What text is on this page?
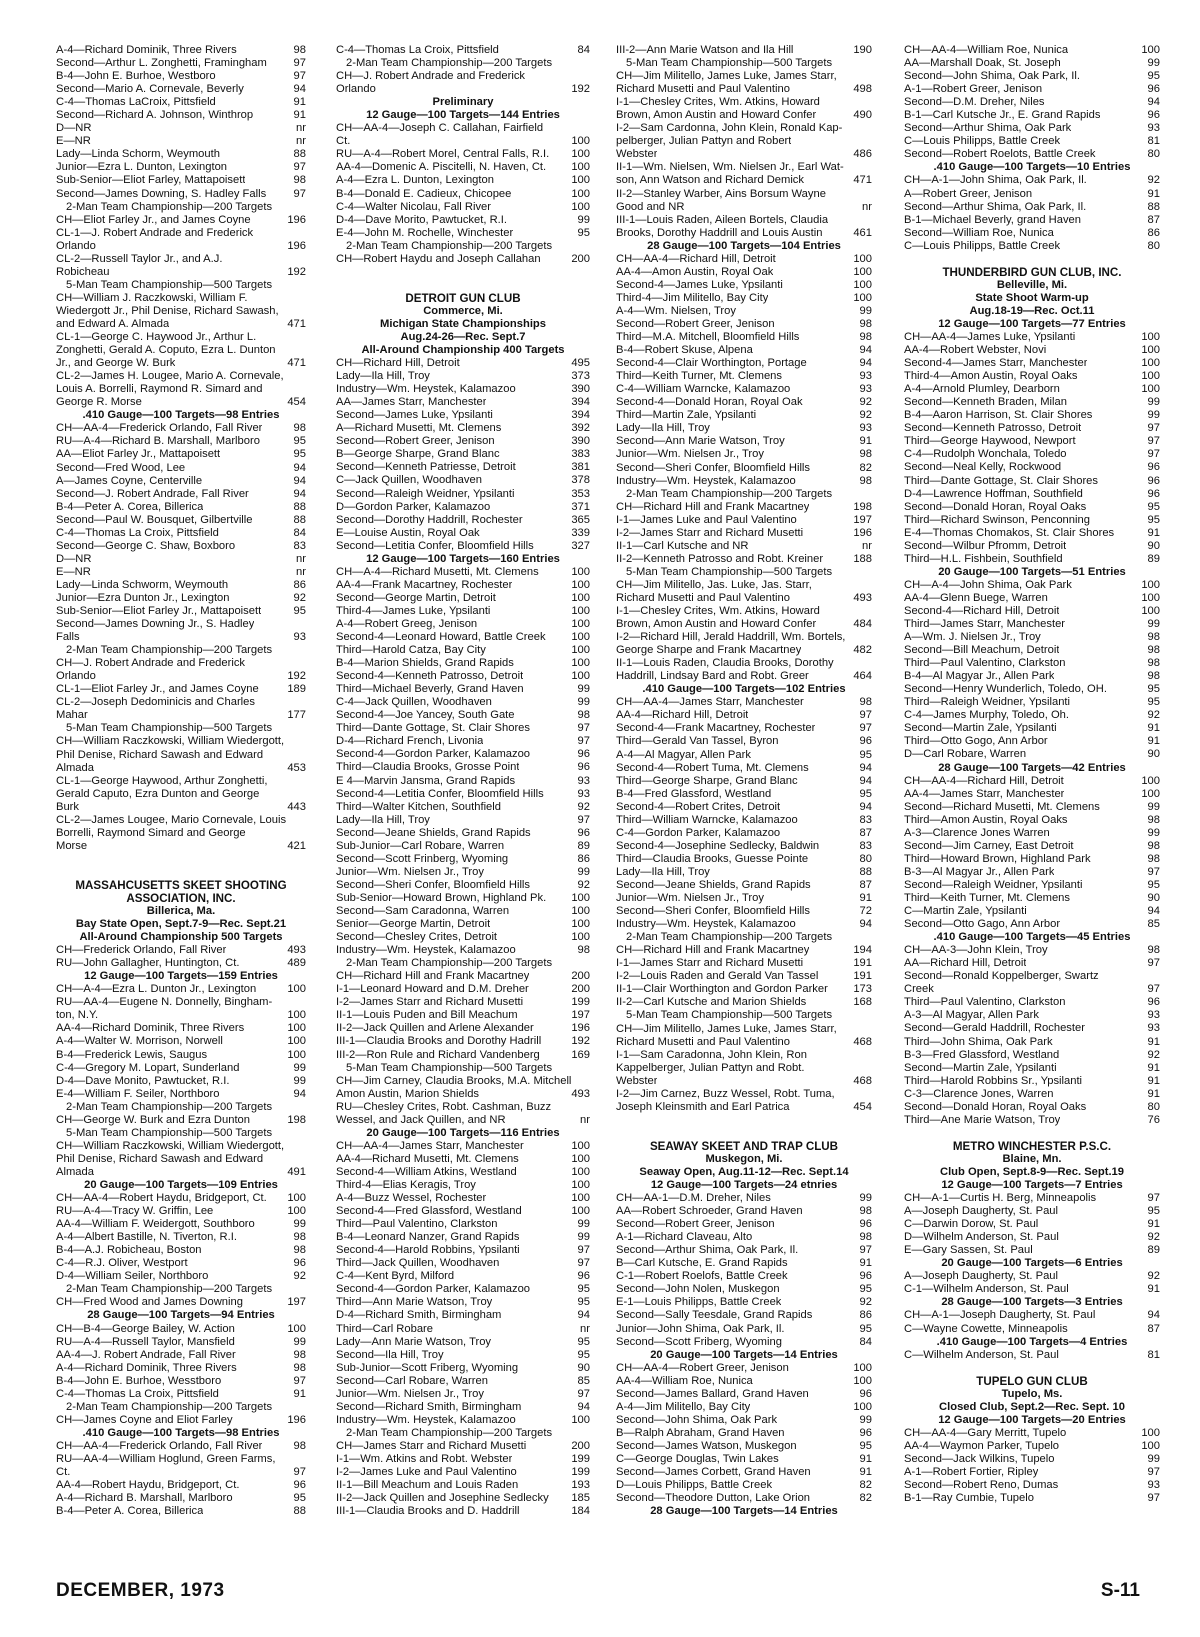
A-4—Richard Dominik, Three Rivers	98
Second—Arthur L. Zonghetti, Framingham	97
B-4—John E. Burhoe, Westboro	97
Second—Mario A. Cornevale, Beverly	94
C-4—Thomas LaCroix, Pittsfield	91
Second—Richard A. Johnson, Winthrop	91
D—NR	nr
E—NR	nr
Lady—Linda Schorm, Weymouth	88
Junior—Ezra L. Dunton, Lexington	97
Sub-Senior—Eliot Farley, Mattapoisett	98
Second—James Downing, S. Hadley Falls	97
2-Man Team Championship—200 Targets
CH—Eliot Farley Jr., and James Coyne	196
CL-1—J. Robert Andrade and Frederick
Orlando	196
CL-2—Russell Taylor Jr., and A.J.
Robicheau	192
5-Man Team Championship—500 Targets
CH—William J. Raczkowski, William F.
Wiedergott Jr., Phil Denise, Richard Sawash,
and Edward A. Almada	471
CL-1—George C. Haywood Jr., Arthur L.
Zonghetti, Gerald A. Coputo, Ezra L. Dunton
Jr., and George W. Burk	471
CL-2—James H. Lougee, Mario A. Cornevale,
Louis A. Borrelli, Raymond R. Simard and
George R. Morse	454
.410 Gauge—100 Targets—98 Entries
CH—AA-4—Frederick Orlando, Fall River	98
RU—A-4—Richard B. Marshall, Marlboro	95
AA—Eliot Farley Jr., Mattapoisett	95
Second—Fred Wood, Lee	94
A—James Coyne, Centerville	94
Second—J. Robert Andrade, Fall River	94
B-4—Peter A. Corea, Billerica	88
Second—Paul W. Bousquet, Gilbertville	88
C-4—Thomas La Croix, Pittsfield	84
Second—George C. Shaw, Boxboro	83
D—NR	nr
E—NR	nr
Lady—Linda Schworm, Weymouth	86
Junior—Ezra Dunton Jr., Lexington	92
Sub-Senior—Eliot Farley Jr., Mattapoisett	95
Second—James Downing Jr., S. Hadley
Falls	93
2-Man Team Championship—200 Targets
CH—J. Robert Andrade and Frederick
Orlando	192
CL-1—Eliot Farley Jr., and James Coyne	189
CL-2—Joseph Dedominicis and Charles
Mahar	177
5-Man Team Championship—500 Targets
CH—William Raczkowski, William Wiedergott,
Phil Denise, Richard Sawash and Edward
Almada	453
CL-1—George Haywood, Arthur Zonghetti,
Gerald Caputo, Ezra Dunton and George
Burk	443
CL-2—James Lougee, Mario Cornevale, Louis
Borrelli, Raymond Simard and George
Morse	421
MASSAHCUSETTS SKEET SHOOTING
ASSOCIATION, INC.
Billerica, Ma.
Bay State Open, Sept.7-9—Rec. Sept.21
All-Around Championship 500 Targets
CH—Frederick Orlando, Fall River	493
RU—John Gallagher, Huntington, Ct.	489
12 Gauge—100 Targets—159 Entries
CH—A-4—Ezra L. Dunton Jr., Lexington	100
RU—AA-4—Eugene N. Donnelly, Bingham-
ton, N.Y.	100
AA-4—Richard Dominik, Three Rivers	100
A-4—Walter W. Morrison, Norwell	100
B-4—Frederick Lewis, Saugus	100
C-4—Gregory M. Lopart, Sunderland	99
D-4—Dave Monito, Pawtucket, R.I.	99
E-4—William F. Seiler, Northboro	94
2-Man Team Championship—200 Targets
CH—George W. Burk and Ezra Dunton	198
5-Man Team Championship—500 Targets
CH—William Raczkowski, William Wiedergott,
Phil Denise, Richard Sawash and Edward
Almada	491
20 Gauge—100 Targets—109 Entries
CH—AA-4—Robert Haydu, Bridgeport, Ct.	100
RU—A-4—Tracy W. Griffin, Lee	100
AA-4—William F. Weidergott, Southboro	99
A-4—Albert Bastille, N. Tiverton, R.I.	98
B-4—A.J. Robicheau, Boston	98
C-4—R.J. Oliver, Westport	96
D-4—William Seiler, Northboro	92
2-Man Team Championship—200 Targets
CH—Fred Wood and James Downing	197
28 Gauge—100 Targets—94 Entries
CH—B-4—George Bailey, W. Action	100
RU—A-4—Russell Taylor, Mansfield	99
AA-4—J. Robert Andrade, Fall River	98
A-4—Richard Dominik, Three Rivers	98
B-4—John E. Burhoe, Wesstboro	97
C-4—Thomas La Croix, Pittsfield	91
2-Man Team Championship—200 Targets
CH—James Coyne and Eliot Farley	196
.410 Gauge—100 Targets—98 Entries
CH—AA-4—Frederick Orlando, Fall River	98
RU—AA-4—William Hoglund, Green Farms,
Ct.	97
AA-4—Robert Haydu, Bridgeport, Ct.	96
A-4—Richard B. Marshall, Marlboro	95
B-4—Peter A. Corea, Billerica	88
C-4—Thomas La Croix, Pittsfield	84
2-Man Team Championship—200 Targets
CH—J. Robert Andrade and Frederick
Orlando	192
Preliminary
12 Gauge—100 Targets—144 Entries
CH—AA-4—Joseph C. Callahan, Fairfield
Ct.	100
RU—A-4—Robert Morel, Central Falls, R.I.	100
AA-4—Domenic A. Piscitelli, N. Haven, Ct.	100
A-4—Ezra L. Dunton, Lexington	100
B-4—Donald E. Cadieux, Chicopee	100
C-4—Walter Nicolau, Fall River	100
D-4—Dave Morito, Pawtucket, R.I.	99
E-4—John M. Rochelle, Winchester	95
2-Man Team Championship—200 Targets
CH—Robert Haydu and Joseph Callahan	200
DETROIT GUN CLUB
Commerce, Mi.
Michigan State Championships
Aug.24-26—Rec. Sept.7
All-Around Championship 400 Targets
CH—Richard Hill, Detroit	495
Lady—Ila Hill, Troy	373
Industry—Wm. Heystek, Kalamazoo	390
AA—James Starr, Manchester	394
Second—James Luke, Ypsilanti	394
A—Richard Musetti, Mt. Clemens	392
Second—Robert Greer, Jenison	390
B—George Sharpe, Grand Blanc	383
Second—Kenneth Patriesse, Detroit	381
C—Jack Quillen, Woodhaven	378
Second—Raleigh Weidner, Ypsilanti	353
D—Gordon Parker, Kalamazoo	371
Second—Dorothy Haddrill, Rochester	365
E—Louise Austin, Royal Oak	339
Second—Letitia Confer, Bloomfield Hills	327
12 Gauge—100 Targets—160 Entries
CH—A-4—Richard Musetti, Mt. Clemens	100
AA-4—Frank Macartney, Rochester	100
Second—George Martin, Detroit	100
Third-4—James Luke, Ypsilanti	100
A-4—Robert Greeg, Jenison	100
Second-4—Leonard Howard, Battle Creek	100
Third—Harold Catza, Bay City	100
B-4—Marion Shields, Grand Rapids	100
Second-4—Kenneth Patrosso, Detroit	100
Third—Michael Beverly, Grand Haven	99
C-4—Jack Quillen, Woodhaven	99
Second-4—Joe Yancey, South Gate	98
Third—Dante Gottage, St. Clair Shores	97
D-4—Richard French, Livonia	97
Second-4—Gordon Parker, Kalamazoo	96
Third—Claudia Brooks, Grosse Point	96
E 4—Marvin Jansma, Grand Rapids	93
Second-4—Letitia Confer, Bloomfield Hills	93
Third—Walter Kitchen, Southfield	92
Lady—Ila Hill, Troy	97
Second—Jeane Shields, Grand Rapids	96
Sub-Junior—Carl Robare, Warren	89
Second—Scott Frinberg, Wyoming	86
Junior—Wm. Nielsen Jr., Troy	99
Second—Sheri Confer, Bloomfield Hills	92
Sub-Senior—Howard Brown, Highland Pk.	100
Second—Sam Caradonna, Warren	100
Senior—George Martin, Detroit	100
Second—Chesley Crites, Detroit	100
Industry—Wm. Heystek, Kalamazoo	98
2-Man Team Championship—200 Targets
CH—Richard Hill and Frank Macartney	200
I-1—Leonard Howard and D.M. Dreher	200
I-2—James Starr and Richard Musetti	199
II-1—Louis Puden and Bill Meachum	197
II-2—Jack Quillen and Arlene Alexander	196
III-1—Claudia Brooks and Dorothy Hadrill	192
III-2—Ron Rule and Richard Vandenberg	169
5-Man Team Championship—500 Targets
CH—Jim Carney, Claudia Brooks, M.A. Mitchell
Amon Austin, Marion Shields	493
RU—Chesley Crites, Robt. Cashman, Buzz
Wessel, and Jack Quillen, and NR	nr
20 Gauge—100 Targets—116 Entries
CH—AA-4—James Starr, Manchester	100
AA-4—Richard Musetti, Mt. Clemens	100
Second-4—William Atkins, Westland	100
Third-4—Elias Keragis, Troy	100
A-4—Buzz Wessel, Rochester	100
Second-4—Fred Glassford, Westland	100
Third—Paul Valentino, Clarkston	99
B-4—Leonard Nanzer, Grand Rapids	99
Second-4—Harold Robbins, Ypsilanti	97
Third—Jack Quillen, Woodhaven	97
C-4—Kent Byrd, Milford	96
Second-4—Gordon Parker, Kalamazoo	95
Third—Ann Marie Watson, Troy	95
D-4—Richard Smith, Birmingham	94
Third—Carl Robare	nr
Lady—Ann Marie Watson, Troy	95
Second—Ila Hill, Troy	95
Sub-Junior—Scott Friberg, Wyoming	90
Second—Carl Robare, Warren	85
Junior—Wm. Nielsen Jr., Troy	97
Second—Richard Smith, Birmingham	94
Industry—Wm. Heystek, Kalamazoo	100
2-Man Team Championship—200 Targets
CH—James Starr and Richard Musetti	200
I-1—Wm. Atkins and Robt. Webster	199
I-2—James Luke and Paul Valentino	199
II-1—Bill Meachum and Louis Raden	193
II-2—Jack Quillen and Josephine Sedlecky	185
III-1—Claudia Brooks and D. Haddrill	184
III-2—Ann Marie Watson and Ila Hill	190
5-Man Team Championship—500 Targets
CH—Jim Militello, James Luke, James Starr,
Richard Musetti and Paul Valentino	498
I-1—Chesley Crites, Wm. Atkins, Howard
Brown, Amon Austin and Howard Confer	490
I-2—Sam Cardonna, John Klein, Ronald Kap-
pelberger, Julian Pattyn and Robert
Webster	486
II-1—Wm. Nielsen, Wm. Nielsen Jr., Earl Wat-
son, Ann Watson and Richard Demick	471
II-2—Stanley Warber, Ains Borsum Wayne
Good and NR	nr
III-1—Louis Raden, Aileen Bortels, Claudia
Brooks, Dorothy Haddrill and Louis Austin	461
28 Gauge—100 Targets—104 Entries
CH—AA-4—Richard Hill, Detroit	100
AA-4—Amon Austin, Royal Oak	100
Second-4—James Luke, Ypsilanti	100
Third-4—Jim Militello, Bay City	100
A-4—Wm. Nielsen, Troy	99
Second—Robert Greer, Jenison	98
Third—M.A. Mitchell, Bloomfield Hills	98
B-4—Robert Skuse, Alpena	94
Second-4—Clair Worthington, Portage	94
Third—Keith Turner, Mt. Clemens	93
C-4—William Warncke, Kalamazoo	93
Second-4—Donald Horan, Royal Oak	92
Third—Martin Zale, Ypsilanti	92
Lady—Ila Hill, Troy	93
Second—Ann Marie Watson, Troy	91
Junior—Wm. Nielsen Jr., Troy	98
Second—Sheri Confer, Bloomfield Hills	82
Industry—Wm. Heystek, Kalamazoo	98
2-Man Team Championship—200 Targets
CH—Richard Hill and Frank Macartney	198
I-1—James Luke and Paul Valentino	197
I-2—James Starr and Richard Musetti	196
II-1—Carl Kutsche and NR	nr
II-2—Kenneth Patrosso and Robt. Kreiner	188
5-Man Team Championship—500 Targets
CH—Jim Militello, Jas. Luke, Jas. Starr,
Richard Musetti and Paul Valentino	493
I-1—Chesley Crites, Wm. Atkins, Howard
Brown, Amon Austin and Howard Confer	484
I-2—Richard Hill, Jerald Haddrill, Wm. Bortels,
George Sharpe and Frank Macartney	482
II-1—Louis Raden, Claudia Brooks, Dorothy
Haddrill, Lindsay Bard and Robt. Greer	464
.410 Gauge—100 Targets—102 Entries
CH—AA-4—James Starr, Manchester	98
AA-4—Richard Hill, Detroit	97
Second-4—Frank Macartney, Rochester	97
Third—Gerald Van Tassel, Byron	96
A-4—Al Magyar, Allen Park	95
Second-4—Robert Tuma, Mt. Clemens	94
Third—George Sharpe, Grand Blanc	94
B-4—Fred Glassford, Westland	95
Second-4—Robert Crites, Detroit	94
Third—William Warncke, Kalamazoo	83
C-4—Gordon Parker, Kalamazoo	87
Second-4—Josephine Sedlecky, Baldwin	83
Third—Claudia Brooks, Guesse Pointe	80
Lady—Ila Hill, Troy	88
Second—Jeane Shields, Grand Rapids	87
Junior—Wm. Nielsen Jr., Troy	91
Second—Sheri Confer, Bloomfield Hills	72
Industry—Wm. Heystek, Kalamazoo	94
2-Man Team Championship—200 Targets
CH—Richard Hill and Frank Macartney	194
I-1—James Starr and Richard Musetti	191
I-2—Louis Raden and Gerald Van Tassel	191
II-1—Clair Worthington and Gordon Parker	173
II-2—Carl Kutsche and Marion Shields	168
5-Man Team Championship—500 Targets
CH—Jim Militello, James Luke, James Starr,
Richard Musetti and Paul Valentino	468
I-1—Sam Caradonna, John Klein, Ron
Kappelberger, Julian Pattyn and Robt.
Webster	468
I-2—Jim Carnez, Buzz Wessel, Robt. Tuma,
Joseph Kleinsmith and Earl Patrica	454
SEAWAY SKEET AND TRAP CLUB
Muskegon, Mi.
Seaway Open, Aug.11-12—Rec. Sept.14
12 Gauge—100 Targets—24 etnries
CH—AA-1—D.M. Dreher, Niles	99
AA—Robert Schroeder, Grand Haven	98
Second—Robert Greer, Jenison	96
A-1—Richard Claveau, Alto	98
Second—Arthur Shima, Oak Park, Il.	97
B—Carl Kutsche, E. Grand Rapids	91
C-1—Robert Roelofs, Battle Creek	96
Second—John Nolen, Muskegon	95
E-1—Louis Philipps, Battle Creek	92
Second—Sally Teesdale, Grand Rapids	86
Junior—John Shima, Oak Park, Il.	95
Second—Scott Friberg, Wyoming	84
20 Gauge—100 Targets—14 Entries
CH—AA-4—Robert Greer, Jenison	100
AA-4—William Roe, Nunica	100
Second—James Ballard, Grand Haven	96
A-4—Jim Militello, Bay City	100
Second—John Shima, Oak Park	99
B—Ralph Abraham, Grand Haven	96
Second—James Watson, Muskegon	95
C—George Douglas, Twin Lakes	91
Second—James Corbett, Grand Haven	91
D—Louis Philipps, Battle Creek	82
Second—Theodore Dutton, Lake Orion	82
28 Gauge—100 Targets—14 Entries
CH—AA-4—William Roe, Nunica	100
AA—Marshall Doak, St. Joseph	99
Second—John Shima, Oak Park, Il.	95
A-1—Robert Greer, Jenison	96
Second—D.M. Dreher, Niles	94
B-1—Carl Kutsche Jr., E. Grand Rapids	96
Second—Arthur Shima, Oak Park	93
C—Louis Philipps, Battle Creek	81
Second—Robert Roelots, Battle Creek	80
.410 Gauge—100 Targets—10 Entries
CH—A-1—John Shima, Oak Park, Il.	92
A—Robert Greer, Jenison	91
Second—Arthur Shima, Oak Park, Il.	88
B-1—Michael Beverly, grand Haven	87
Second—William Roe, Nunica	86
C—Louis Philipps, Battle Creek	80
THUNDERBIRD GUN CLUB, INC.
Belleville, Mi.
State Shoot Warm-up
Aug.18-19—Rec. Oct.11
12 Gauge—100 Targets—77 Entries
CH—AA-4—James Luke, Ypsilanti	100
AA-4—Robert Webster, Novi	100
Second-4—James Starr, Manchester	100
Third-4—Amon Austin, Royal Oaks	100
A-4—Arnold Plumley, Dearborn	100
Second—Kenneth Braden, Milan	99
B-4—Aaron Harrison, St. Clair Shores	99
Second—Kenneth Patrosso, Detroit	97
Third—George Haywood, Newport	97
C-4—Rudolph Wonchala, Toledo	97
Second—Neal Kelly, Rockwood	96
Third—Dante Gottage, St. Clair Shores	96
D-4—Lawrence Hoffman, Southfield	96
Second—Donald Horan, Royal Oaks	95
Third—Richard Swinson, Penconning	95
E-4—Thomas Chomakos, St. Clair Shores	91
Second—Wilbur Pfromm, Detroit	90
Third—H.L. Fishbein, Southfield	89
20 Gauge—100 Targets—51 Entries
CH—A-4—John Shima, Oak Park	100
AA-4—Glenn Buege, Warren	100
Second-4—Richard Hill, Detroit	100
Third—James Starr, Manchester	99
A—Wm. J. Nielsen Jr., Troy	98
Second—Bill Meachum, Detroit	98
Third—Paul Valentino, Clarkston	98
B-4—Al Magyar Jr., Allen Park	98
Second—Henry Wunderlich, Toledo, OH.	95
Third—Raleigh Weidner, Ypsilanti	95
C-4—James Murphy, Toledo, Oh.	92
Second—Martin Zale, Ypsilanti	91
Third—Otto Gogo, Ann Arbor	91
D—Carl Robare, Warren	90
28 Gauge—100 Targets—42 Entries
CH—AA-4—Richard Hill, Detroit	100
AA-4—James Starr, Manchester	100
Second—Richard Musetti, Mt. Clemens	99
Third—Amon Austin, Royal Oaks	98
A-3—Clarence Jones Warren	99
Second—Jim Carney, East Detroit	98
Third—Howard Brown, Highland Park	98
B-3—Al Magyar Jr., Allen Park	97
Second—Raleigh Weidner, Ypsilanti	95
Third—Keith Turner, Mt. Clemens	90
C—Martin Zale, Ypsilanti	94
Second—Otto Gago, Ann Arbor	85
.410 Gauge—100 Targets—45 Entries
CH—AA-3—John Klein, Troy	98
AA—Richard Hill, Detroit	97
Second—Ronald Koppelberger, Swartz
Creek	97
Third—Paul Valentino, Clarkston	96
A-3—Al Magyar, Allen Park	93
Second—Gerald Haddrill, Rochester	93
Third—John Shima, Oak Park	91
B-3—Fred Glassford, Westland	92
Second—Martin Zale, Ypsilanti	91
Third—Harold Robbins Sr., Ypsilanti	91
C-3—Clarence Jones, Warren	91
Second—Donald Horan, Royal Oaks	80
Third—Ane Marie Watson, Troy	76
METRO WINCHESTER P.S.C.
Blaine, Mn.
Club Open, Sept.8-9—Rec. Sept.19
12 Gauge—100 Targets—7 Entries
CH—A-1—Curtis H. Berg, Minneapolis	97
A—Joseph Daugherty, St. Paul	95
C—Darwin Dorow, St. Paul	91
D—Wilhelm Anderson, St. Paul	92
E—Gary Sassen, St. Paul	89
20 Gauge—100 Targets—6 Entries
A—Joseph Daugherty, St. Paul	92
C-1—Wilhelm Anderson, St. Paul	91
28 Gauge—100 Targets—3 Entries
CH—A-1—Joseph Daugherty, St. Paul	94
C—Wayne Cowette, Minneapolis	87
.410 Gauge—100 Targets—4 Entries
C—Wilhelm Anderson, St. Paul	81
TUPELO GUN CLUB
Tupelo, Ms.
Closed Club, Sept.2—Rec. Sept. 10
12 Gauge—100 Targets—20 Entries
CH—AA-4—Gary Merritt, Tupelo	100
AA-4—Waymon Parker, Tupelo	100
Second—Jack Wilkins, Tupelo	99
A-1—Robert Fortier, Ripley	97
Second—Robert Reno, Dumas	93
B-1—Ray Cumbie, Tupelo	97
DECEMBER, 1973	S-11
